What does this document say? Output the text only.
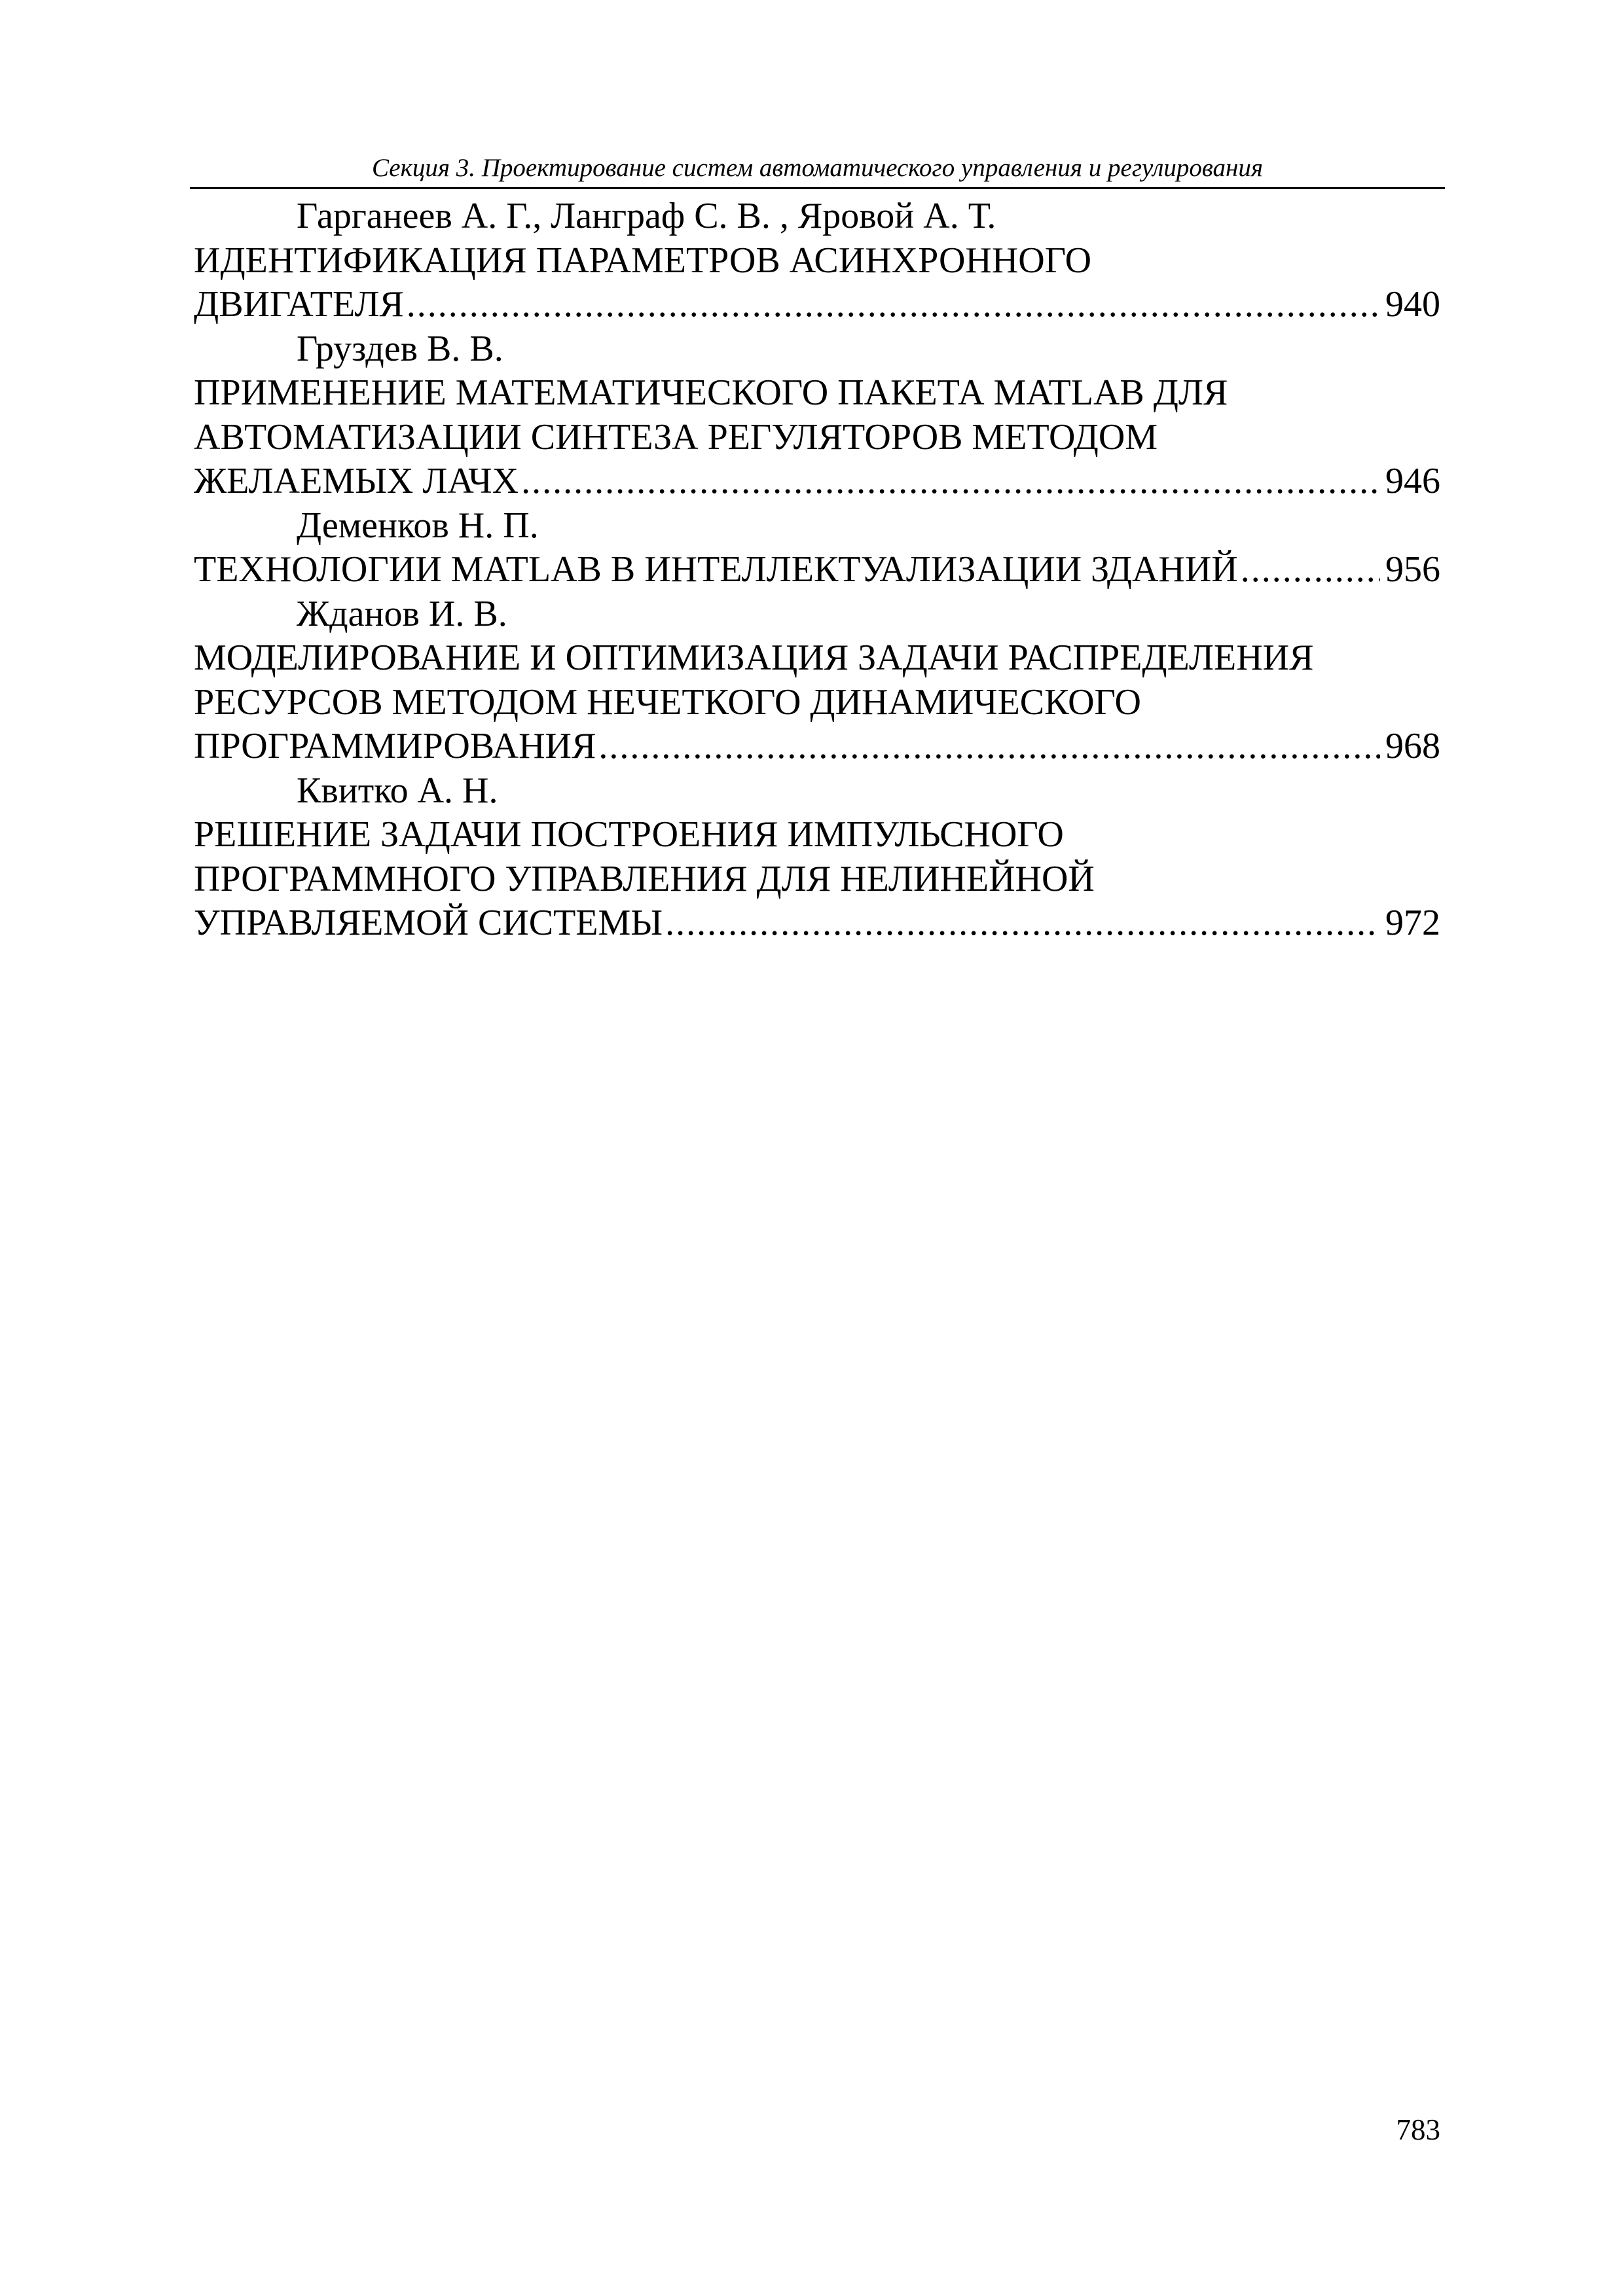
Секция 3. Проектирование систем автоматического управления и регулирования
Гарганеев А. Г., Ланграф С. В. , Яровой А. Т.
ИДЕНТИФИКАЦИЯ ПАРАМЕТРОВ АСИНХРОННОГО
ДВИГАТЕЛЯ .....	940
Груздев В. В.
ПРИМЕНЕНИЕ МАТЕМАТИЧЕСКОГО ПАКЕТА MATLAB ДЛЯ
АВТОМАТИЗАЦИИ СИНТЕЗА РЕГУЛЯТОРОВ МЕТОДОМ
ЖЕЛАЕМЫХ ЛАЧХ .....	946
Деменков Н. П.
ТЕХНОЛОГИИ MATLAB В ИНТЕЛЛЕКТУАЛИЗАЦИИ ЗДАНИЙ .....	956
Жданов И. В.
МОДЕЛИРОВАНИЕ И ОПТИМИЗАЦИЯ ЗАДАЧИ РАСПРЕДЕЛЕНИЯ
РЕСУРСОВ МЕТОДОМ НЕЧЕТКОГО ДИНАМИЧЕСКОГО
ПРОГРАММИРОВАНИЯ .....	968
Квитко А. Н.
РЕШЕНИЕ ЗАДАЧИ ПОСТРОЕНИЯ ИМПУЛЬСНОГО
ПРОГРАММНОГО УПРАВЛЕНИЯ ДЛЯ НЕЛИНЕЙНОЙ
УПРАВЛЯЕМОЙ СИСТЕМЫ .....	972
783
